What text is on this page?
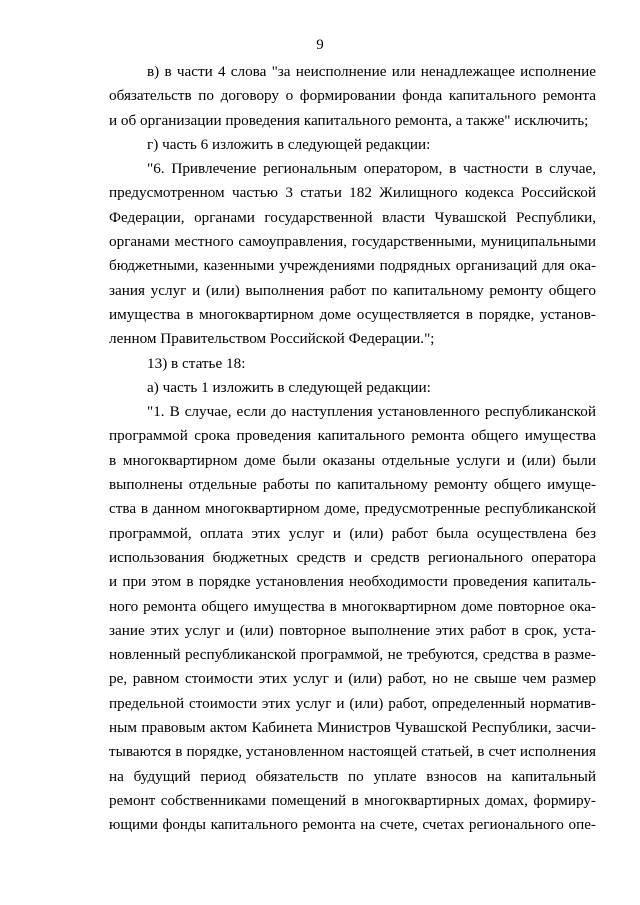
9
в) в части 4 слова "за неисполнение или ненадлежащее исполнение
обязательств по договору о формировании фонда капитального ремонта
и об организации проведения капитального ремонта, а также" исключить;
г) часть 6 изложить в следующей редакции:
"6. Привлечение региональным оператором, в частности в случае,
предусмотренном частью 3 статьи 182 Жилищного кодекса Российской
Федерации, органами государственной власти Чувашской Республики,
органами местного самоуправления, государственными, муниципальными
бюджетными, казенными учреждениями подрядных организаций для ока-
зания услуг и (или) выполнения работ по капитальному ремонту общего
имущества в многоквартирном доме осуществляется в порядке, установ-
ленном Правительством Российской Федерации.";
13) в статье 18:
а) часть 1 изложить в следующей редакции:
"1. В случае, если до наступления установленного республиканской
программой срока проведения капитального ремонта общего имущества
в многоквартирном доме были оказаны отдельные услуги и (или) были
выполнены отдельные работы по капитальному ремонту общего имуще-
ства в данном многоквартирном доме, предусмотренные республиканской
программой, оплата этих услуг и (или) работ была осуществлена без
использования бюджетных средств и средств регионального оператора
и при этом в порядке установления необходимости проведения капиталь-
ного ремонта общего имущества в многоквартирном доме повторное ока-
зание этих услуг и (или) повторное выполнение этих работ в срок, уста-
новленный республиканской программой, не требуются, средства в разме-
ре, равном стоимости этих услуг и (или) работ, но не свыше чем размер
предельной стоимости этих услуг и (или) работ, определенный норматив-
ным правовым актом Кабинета Министров Чувашской Республики, засчи-
тываются в порядке, установленном настоящей статьей, в счет исполнения
на будущий период обязательств по уплате взносов на капитальный
ремонт собственниками помещений в многоквартирных домах, формиру-
ющими фонды капитального ремонта на счете, счетах регионального опе-
